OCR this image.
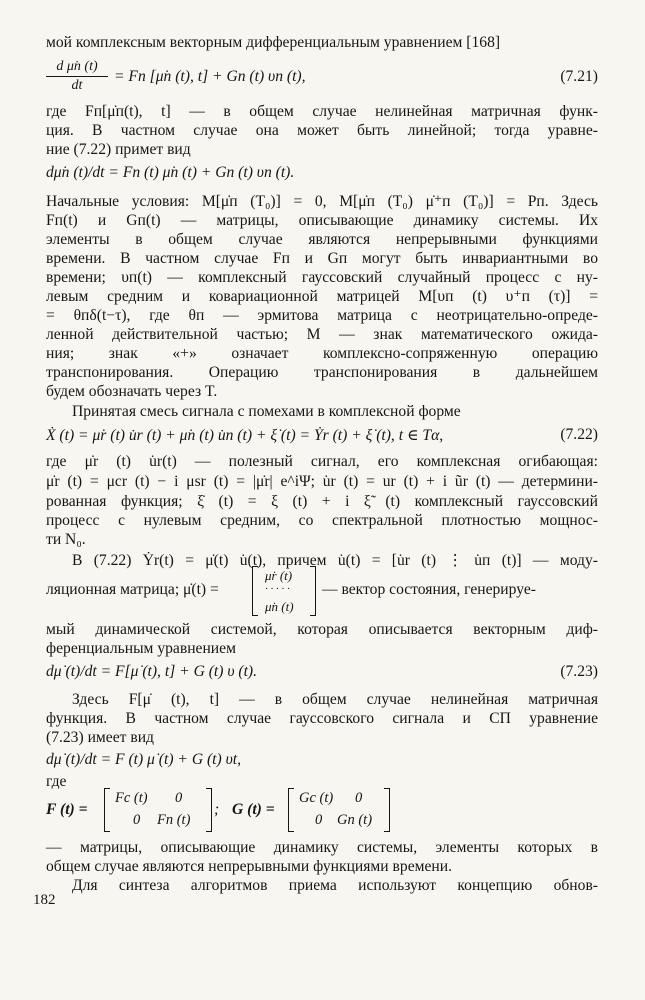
мой комплексным векторным дифференциальным уравнением [168]
d μ̇п (t)
dt
= Fп [μ̇п (t), t] + Gп (t) υп (t),	(7.21)
где Fп[μ̇п(t), t] — в общем случае нелинейная матричная функ-
ция. В частном случае она может быть линейной; тогда уравне-
ние (7.22) примет вид
dμ̇п (t)/dt = Fп (t) μ̇п (t) + Gп (t) υп (t).
Начальные условия: M[μ̇п (T₀)] = 0, M[μ̇п (T₀) μ̇⁺п (T₀)] = Pп. Здесь
Fп(t) и Gп(t) — матрицы, описывающие динамику системы. Их
элементы в общем случае являются непрерывными функциями
времени. В частном случае Fп и Gп могут быть инвариантными во
времени; υп(t) — комплексный гауссовский случайный процесс с ну-
левым средним и ковариационной матрицей M[υп (t) υ⁺п (τ)] =
= θпδ(t−τ), где θп — эрмитова матрица с неотрицательно-опреде-
ленной действительной частью; M — знак математического ожида-
ния; знак «+» означает комплексно-сопряженную операцию
транспонирования. Операцию транспонирования в дальнейшем
будем обозначать через T.
Принятая смесь сигнала с помехами в комплексной форме
Ẋ (t) = μ̇r (t) u̇r (t) + μ̇п (t) u̇п (t) + ξ̇ (t) = Ẏr (t) + ξ̇ (t), t ∈ Tα,	(7.22)
где μ̇r (t) u̇r(t) — полезный сигнал, его комплексная огибающая:
μ̇r (t) = μcr (t) − i μsr (t) = |μ̇r| e^iΨ; u̇r (t) = ur (t) + i ũr (t) — детермини-
рованная функция; ξ̇ (t) = ξ (t) + i ξ̃ (t) комплексный гауссовский
процесс с нулевым средним, со спектральной плотностью мощнос-
ти N₀.
В (7.22) Ẏr(t) = μ̇(t) u̇(t), причем u̇(t) = [u̇r (t) ⋮ u̇п (t)] — моду-
ляционная матрица; μ̇(t) =
μ̇r (t)
· · · · ·
μ̇п (t)
— вектор состояния, генерируе-
мый динамической системой, которая описывается векторным диф-
ференциальным уравнением
dμ̇ (t)/dt = F[μ̇ (t), t] + G (t) υ (t).	(7.23)
Здесь F[μ̇ (t), t] — в общем случае нелинейная матричная
функция. В частном случае гауссовского сигнала и СП уравнение
(7.23) имеет вид
dμ̇ (t)/dt = F (t) μ̇ (t) + G (t) υt,
где
F (t) =
Fc (t) 0
0 Fп (t)
; G (t) =
Gc (t) 0
0 Gп (t)
— матрицы, описывающие динамику системы, элементы которых в
общем случае являются непрерывными функциями времени.
Для синтеза алгоритмов приема используют концепцию обнов-
182
